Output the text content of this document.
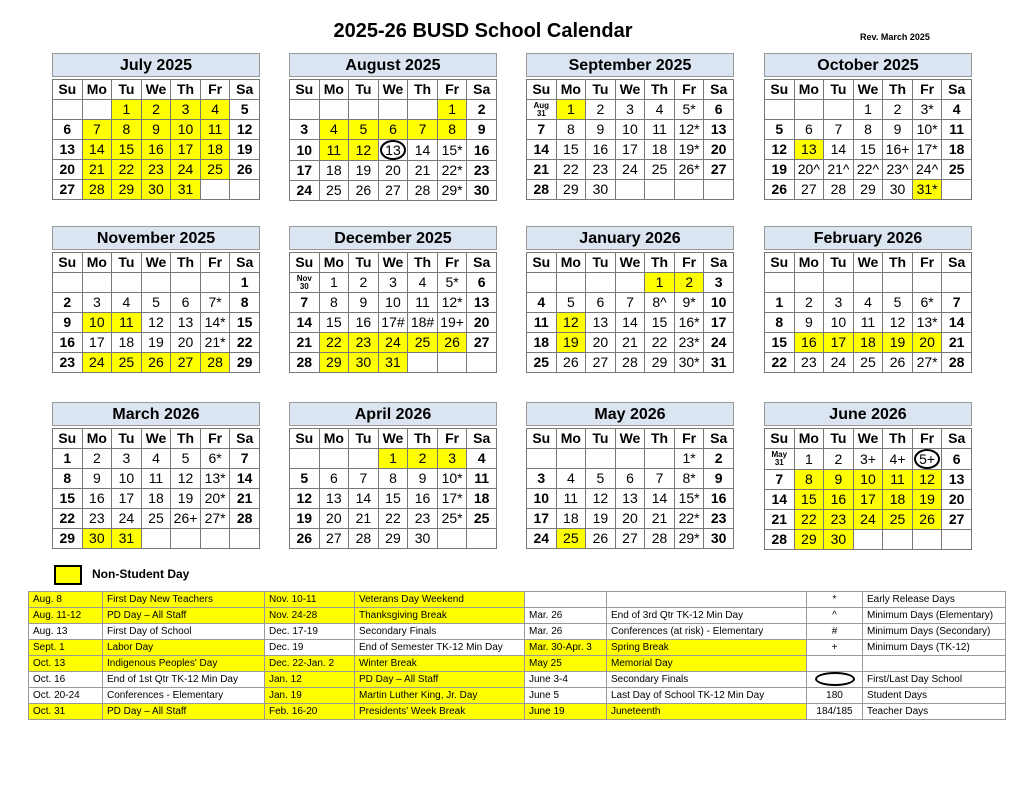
2025-26 BUSD School Calendar	Rev. March 2025
July 2025
Su	Mo	Tu	We	Th	Fr	Sa
		1	2	3	4	5
6	7	8	9	10	11	12
13	14	15	16	17	18	19
20	21	22	23	24	25	26
27	28	29	30	31		
August 2025
Su	Mo	Tu	We	Th	Fr	Sa
					1	2
3	4	5	6	7	8	9
10	11	12	13	14	15*	16
17	18	19	20	21	22*	23
24	25	26	27	28	29*	30
September 2025
Su	Mo	Tu	We	Th	Fr	Sa
Aug
31	1	2	3	4	5*	6
7	8	9	10	11	12*	13
14	15	16	17	18	19*	20
21	22	23	24	25	26*	27
28	29	30				
October 2025
Su	Mo	Tu	We	Th	Fr	Sa
			1	2	3*	4
5	6	7	8	9	10*	11
12	13	14	15	16+	17*	18
19	20^	21^	22^	23^	24^	25
26	27	28	29	30	31*	
November 2025
Su	Mo	Tu	We	Th	Fr	Sa
						1
2	3	4	5	6	7*	8
9	10	11	12	13	14*	15
16	17	18	19	20	21*	22
23	24	25	26	27	28	29
December 2025
Su	Mo	Tu	We	Th	Fr	Sa
Nov
30	1	2	3	4	5*	6
7	8	9	10	11	12*	13
14	15	16	17#	18#	19+	20
21	22	23	24	25	26	27
28	29	30	31			
January 2026
Su	Mo	Tu	We	Th	Fr	Sa
				1	2	3
4	5	6	7	8^	9*	10
11	12	13	14	15	16*	17
18	19	20	21	22	23*	24
25	26	27	28	29	30*	31
February 2026
Su	Mo	Tu	We	Th	Fr	Sa

1	2	3	4	5	6*	7
8	9	10	11	12	13*	14
15	16	17	18	19	20	21
22	23	24	25	26	27*	28
March 2026
Su	Mo	Tu	We	Th	Fr	Sa
1	2	3	4	5	6*	7
8	9	10	11	12	13*	14
15	16	17	18	19	20*	21
22	23	24	25	26+	27*	28
29	30	31				
April 2026
Su	Mo	Tu	We	Th	Fr	Sa
			1	2	3	4
5	6	7	8	9	10*	11
12	13	14	15	16	17*	18
19	20	21	22	23	25*	25
26	27	28	29	30		
May 2026
Su	Mo	Tu	We	Th	Fr	Sa
					1*	2
3	4	5	6	7	8*	9
10	11	12	13	14	15*	16
17	18	19	20	21	22*	23
24	25	26	27	28	29*	30
June 2026
Su	Mo	Tu	We	Th	Fr	Sa
May
31	1	2	3+	4+	5+	6
7	8	9	10	11	12	13
14	15	16	17	18	19	20
21	22	23	24	25	26	27
28	29	30				
Non-Student Day
Aug. 8	First Day New Teachers	Nov. 10-11	Veterans Day Weekend			*	Early Release Days
Aug. 11-12	PD Day – All Staff	Nov. 24-28	Thanksgiving Break	Mar. 26	End of 3rd Qtr TK-12 Min Day	^	Minimum Days (Elementary)
Aug. 13	First Day of School	Dec. 17-19	Secondary Finals	Mar. 26	Conferences (at risk) - Elementary	#	Minimum Days (Secondary)
Sept. 1	Labor Day	Dec. 19	End of Semester TK-12 Min Day	Mar. 30-Apr. 3	Spring Break	+	Minimum Days (TK-12)
Oct. 13	Indigenous Peoples' Day	Dec. 22-Jan. 2	Winter Break	May 25	Memorial Day		
Oct. 16	End of 1st Qtr TK-12 Min Day	Jan. 12	PD Day – All Staff	June 3-4	Secondary Finals		First/Last Day School
Oct. 20-24	Conferences - Elementary	Jan. 19	Martin Luther King, Jr. Day	June 5	Last Day of School TK-12 Min Day	180	Student Days
Oct. 31	PD Day – All Staff	Feb. 16-20	Presidents' Week Break	June 19	Juneteenth	184/185	Teacher Days
